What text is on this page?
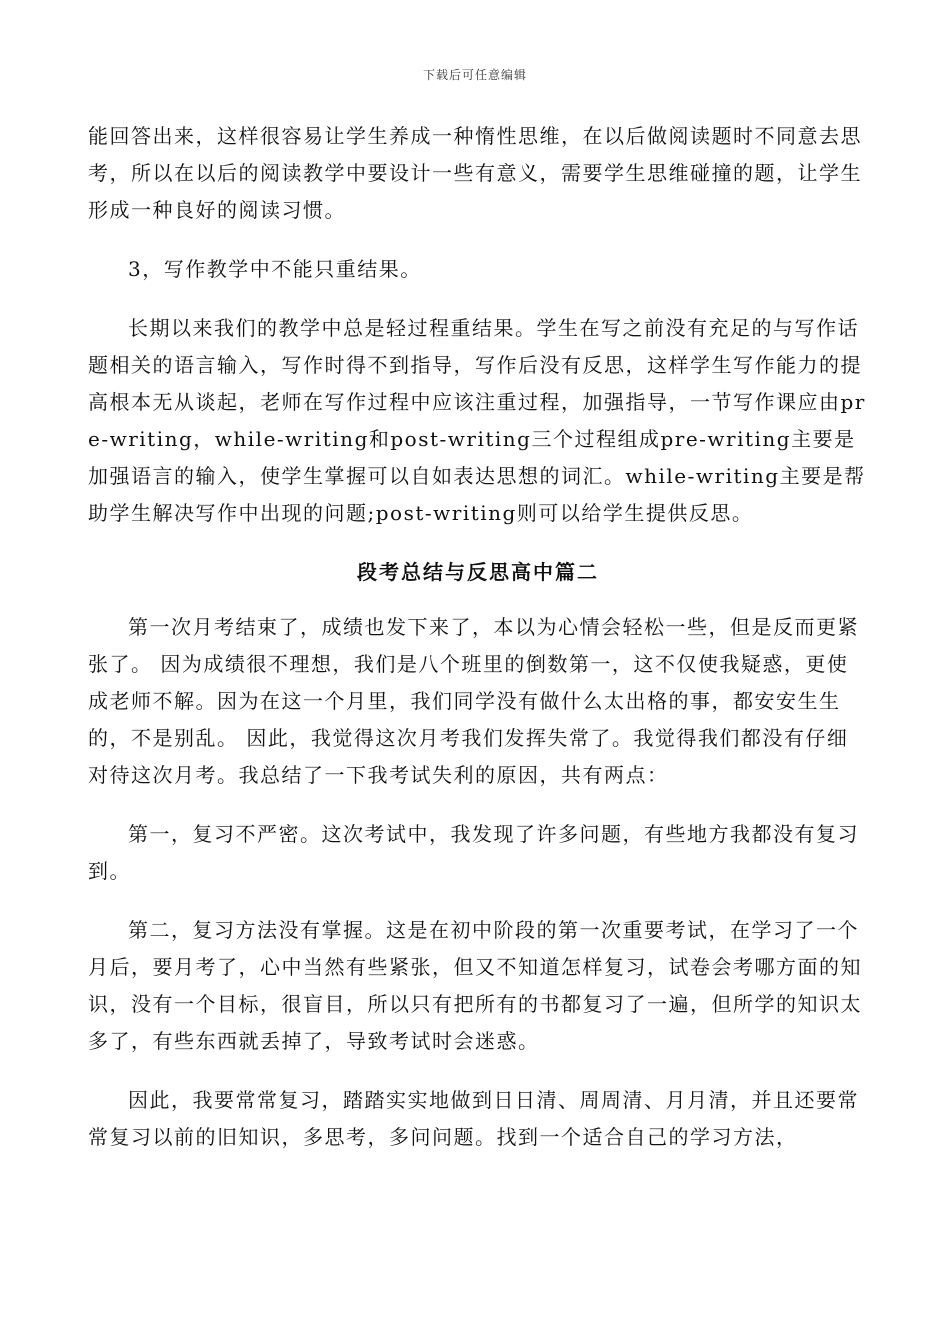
下载后可任意编辑

能回答出来，这样很容易让学生养成一种惰性思维，在以后做阅读题时不同意去思考，所以在以后的阅读教学中要设计一些有意义，需要学生思维碰撞的题，让学生形成一种良好的阅读习惯。

3，写作教学中不能只重结果。

长期以来我们的教学中总是轻过程重结果。学生在写之前没有充足的与写作话题相关的语言输入，写作时得不到指导，写作后没有反思，这样学生写作能力的提高根本无从谈起，老师在写作过程中应该注重过程，加强指导，一节写作课应由pre-writing，while-writing和post-writing三个过程组成pre-writing主要是加强语言的输入，使学生掌握可以自如表达思想的词汇。while-writing主要是帮助学生解决写作中出现的问题;post-writing则可以给学生提供反思。

段考总结与反思高中篇二

第一次月考结束了，成绩也发下来了，本以为心情会轻松一些，但是反而更紧张了。 因为成绩很不理想，我们是八个班里的倒数第一，这不仅使我疑惑，更使成老师不解。因为在这一个月里，我们同学没有做什么太出格的事，都安安生生的，不是别乱。 因此，我觉得这次月考我们发挥失常了。我觉得我们都没有仔细对待这次月考。我总结了一下我考试失利的原因，共有两点：

第一，复习不严密。这次考试中，我发现了许多问题，有些地方我都没有复习到。

第二，复习方法没有掌握。这是在初中阶段的第一次重要考试，在学习了一个月后，要月考了，心中当然有些紧张，但又不知道怎样复习，试卷会考哪方面的知识，没有一个目标，很盲目，所以只有把所有的书都复习了一遍，但所学的知识太多了，有些东西就丢掉了，导致考试时会迷惑。

因此，我要常常复习，踏踏实实地做到日日清、周周清、月月清，并且还要常常复习以前的旧知识，多思考，多问问题。找到一个适合自己的学习方法，
